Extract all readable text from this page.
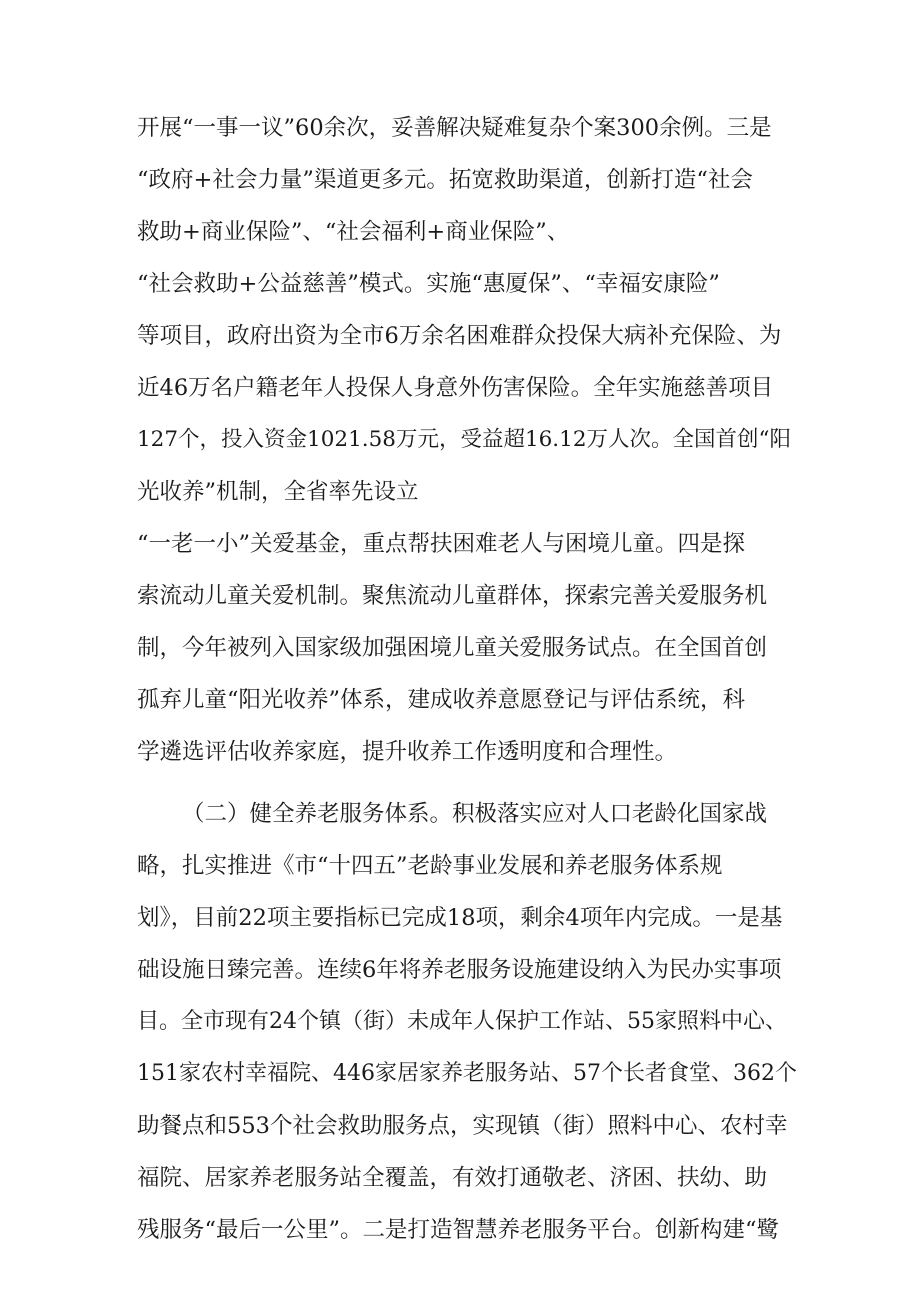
开展“一事一议”60余次，妥善解决疑难复杂个案300余例。三是
“政府+社会力量”渠道更多元。拓宽救助渠道，创新打造“社会
救助+商业保险”、“社会福利+商业保险”、
“社会救助+公益慈善”模式。实施“惠厦保”、“幸福安康险”
等项目，政府出资为全市6万余名困难群众投保大病补充保险、为
近46万名户籍老年人投保人身意外伤害保险。全年实施慈善项目
127个，投入资金1021.58万元，受益超16.12万人次。全国首创“阳
光收养”机制，全省率先设立
“一老一小”关爱基金，重点帮扶困难老人与困境儿童。四是探
索流动儿童关爱机制。聚焦流动儿童群体，探索完善关爱服务机
制，今年被列入国家级加强困境儿童关爱服务试点。在全国首创
孤弃儿童“阳光收养”体系，建成收养意愿登记与评估系统，科
学遴选评估收养家庭，提升收养工作透明度和合理性。
（二）健全养老服务体系。积极落实应对人口老龄化国家战
略，扎实推进《市“十四五”老龄事业发展和养老服务体系规
划》，目前22项主要指标已完成18项，剩余4项年内完成。一是基
础设施日臻完善。连续6年将养老服务设施建设纳入为民办实事项
目。全市现有24个镇（街）未成年人保护工作站、55家照料中心、
151家农村幸福院、446家居家养老服务站、57个长者食堂、362个
助餐点和553个社会救助服务点，实现镇（街）照料中心、农村幸
福院、居家养老服务站全覆盖，有效打通敬老、济困、扶幼、助
残服务“最后一公里”。二是打造智慧养老服务平台。创新构建“鹭
